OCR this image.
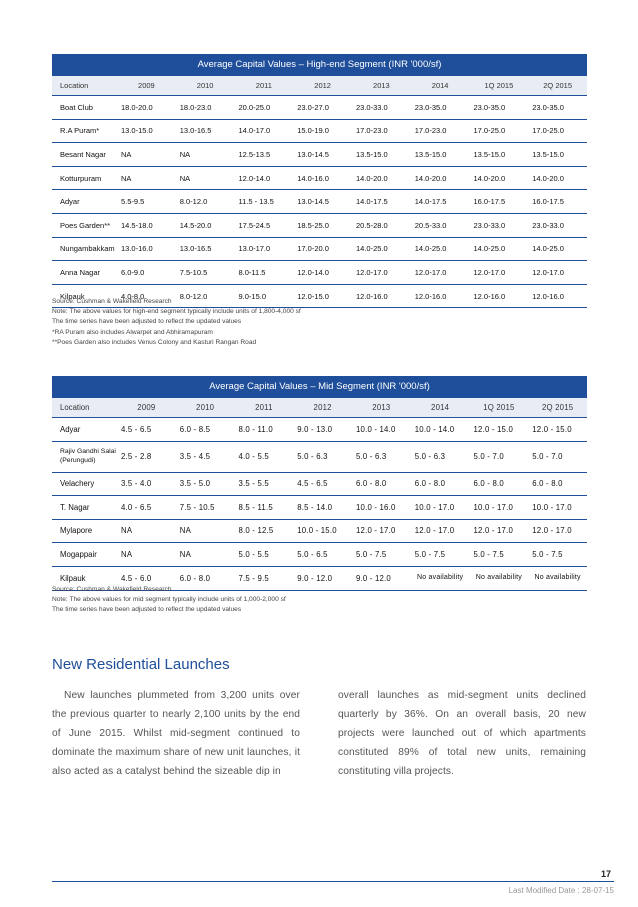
Average Capital Values – High-end Segment (INR '000/sf)
Location	2009	2010	2011	2012	2013	2014	1Q 2015	2Q 2015
Boat Club	18.0-20.0	18.0-23.0	20.0-25.0	23.0-27.0	23.0-33.0	23.0-35.0	23.0-35.0	23.0-35.0
R.A Puram*	13.0-15.0	13.0-16.5	14.0-17.0	15.0-19.0	17.0-23.0	17.0-23.0	17.0-25.0	17.0-25.0
Besant Nagar	NA	NA	12.5-13.5	13.0-14.5	13.5-15.0	13.5-15.0	13.5-15.0	13.5-15.0
Kotturpuram	NA	NA	12.0-14.0	14.0-16.0	14.0-20.0	14.0-20.0	14.0-20.0	14.0-20.0
Adyar	5.5-9.5	8.0-12.0	11.5 - 13.5	13.0-14.5	14.0-17.5	14.0-17.5	16.0-17.5	16.0-17.5
Poes Garden**	14.5-18.0	14.5-20.0	17.5-24.5	18.5-25.0	20.5-28.0	20.5-33.0	23.0-33.0	23.0-33.0
Nungambakkam 13.0-16.0	13.0-16.5	13.0-17.0	17.0-20.0	14.0-25.0	14.0-25.0	14.0-25.0	14.0-25.0
Anna Nagar	6.0-9.0	7.5-10.5	8.0-11.5	12.0-14.0	12.0-17.0	12.0-17.0	12.0-17.0	12.0-17.0
Kilpauk	4.0-8.0	8.0-12.0	9.0-15.0	12.0-15.0	12.0-16.0	12.0-16.0	12.0-16.0	12.0-16.0
Source: Cushman & Wakefield Research
Note: The above values for high-end segment typically include units of 1,800-4,000 sf
The time series have been adjusted to reflect the updated values
*RA Puram also includes Alwarpet and Abhiramapuram
**Poes Garden also includes Venus Colony and Kasturi Rangan Road
Average Capital Values – Mid Segment (INR '000/sf)
Location	2009	2010	2011	2012	2013	2014	1Q 2015	2Q 2015
Adyar	4.5 - 6.5	6.0 - 8.5	8.0 - 11.0	9.0 - 13.0	10.0 - 14.0	10.0 - 14.0	12.0 - 15.0	12.0 - 15.0
Rajiv Gandhi Salai (Perungudi)	2.5 - 2.8	3.5 - 4.5	4.0 - 5.5	5.0 - 6.3	5.0 - 6.3	5.0 - 6.3	5.0 - 7.0	5.0 - 7.0
Velachery	3.5 - 4.0	3.5 - 5.0	3.5 - 5.5	4.5 - 6.5	6.0 - 8.0	6.0 - 8.0	6.0 - 8.0	6.0 - 8.0
T. Nagar	4.0 - 6.5	7.5 - 10.5	8.5 - 11.5	8.5 - 14.0	10.0 - 16.0	10.0 - 17.0	10.0 - 17.0	10.0 - 17.0
Mylapore	NA	NA	8.0 - 12.5	10.0 - 15.0	12.0 - 17.0	12.0 - 17.0	12.0 - 17.0	12.0 - 17.0
Mogappair	NA	NA	5.0 - 5.5	5.0 - 6.5	5.0 - 7.5	5.0 - 7.5	5.0 - 7.5	5.0 - 7.5
Kilpauk	4.5 - 6.0	6.0 - 8.0	7.5 - 9.5	9.0 - 12.0	9.0 - 12.0	No availability	No availability	No availability
Source: Cushman & Wakefield Research
Note: The above values for mid segment typically include units of 1,000-2,000 sf
The time series have been adjusted to reflect the updated values
New Residential Launches
New launches plummeted from 3,200 units over the previous quarter to nearly 2,100 units by the end of June 2015. Whilst mid-segment continued to dominate the maximum share of new unit launches, it also acted as a catalyst behind the sizeable dip in
overall launches as mid-segment units declined quarterly by 36%. On an overall basis, 20 new projects were launched out of which apartments constituted 89% of total new units, remaining constituting villa projects.
17
Last Modified Date : 28-07-15
